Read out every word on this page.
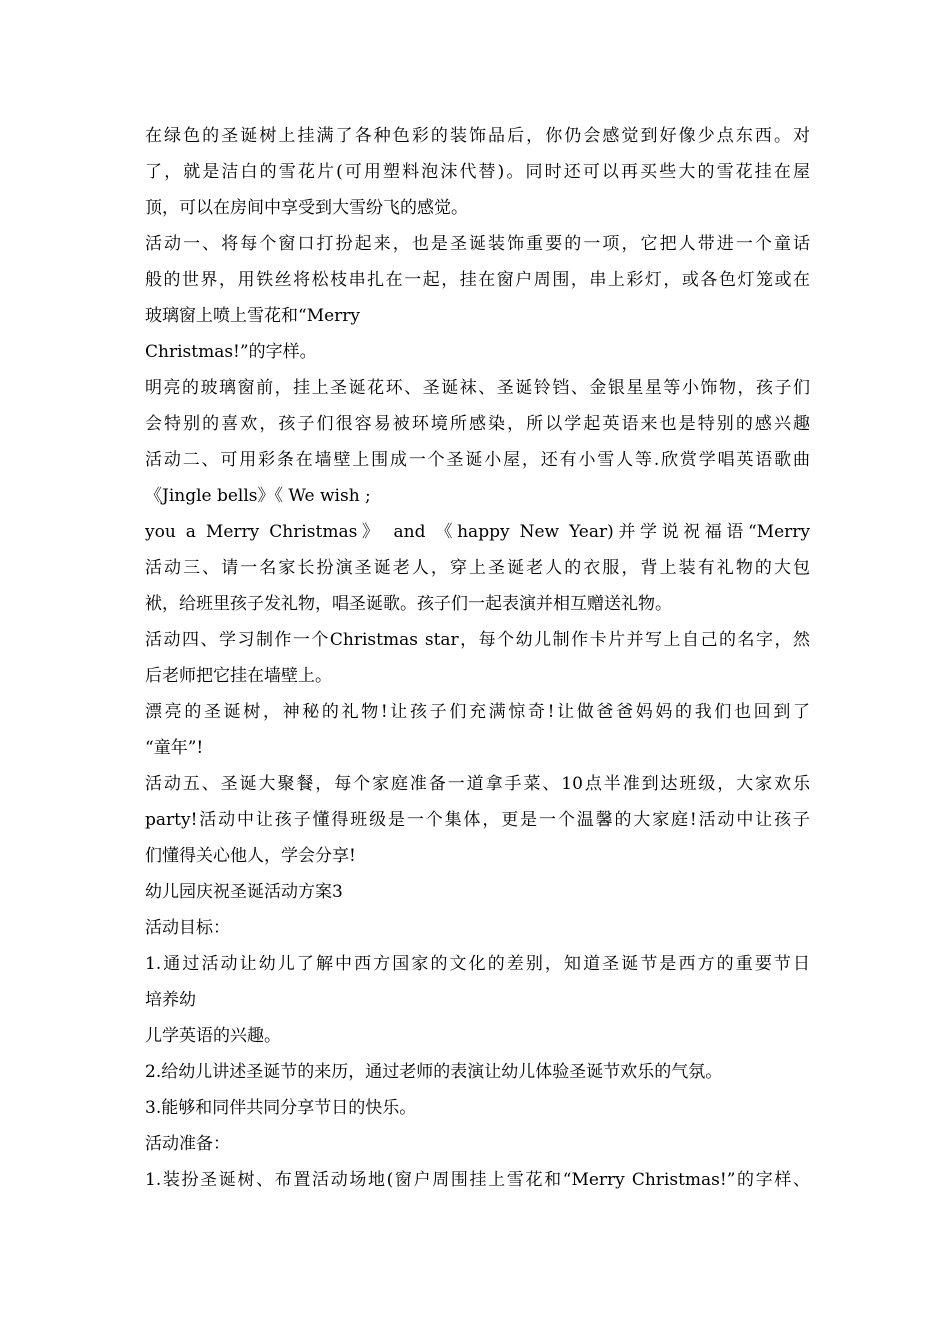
在绿色的圣诞树上挂满了各种色彩的装饰品后，你仍会感觉到好像少点东西。对
了，就是洁白的雪花片(可用塑料泡沫代替)。同时还可以再买些大的雪花挂在屋
顶，可以在房间中享受到大雪纷飞的感觉。
活动一、将每个窗口打扮起来，也是圣诞装饰重要的一项，它把人带进一个童话
般的世界，用铁丝将松枝串扎在一起，挂在窗户周围，串上彩灯，或各色灯笼或在
玻璃窗上喷上雪花和“Merry
Christmas!”的字样。
明亮的玻璃窗前，挂上圣诞花环、圣诞袜、圣诞铃铛、金银星星等小饰物，孩子们
会特别的喜欢，孩子们很容易被环境所感染，所以学起英语来也是特别的感兴趣
活动二、可用彩条在墙壁上围成一个圣诞小屋，还有小雪人等.欣赏学唱英语歌曲
《Jingle bells》《 We wish ;
you a Merry Christmas》 and 《happy New Year)并学说祝福语“Merry
活动三、请一名家长扮演圣诞老人，穿上圣诞老人的衣服，背上装有礼物的大包
袱，给班里孩子发礼物，唱圣诞歌。孩子们一起表演并相互赠送礼物。
活动四、学习制作一个Christmas star，每个幼儿制作卡片并写上自己的名字，然
后老师把它挂在墙壁上。
漂亮的圣诞树，神秘的礼物!让孩子们充满惊奇!让做爸爸妈妈的我们也回到了
“童年”!
活动五、圣诞大聚餐，每个家庭准备一道拿手菜、10点半准到达班级，大家欢乐
party!活动中让孩子懂得班级是一个集体，更是一个温馨的大家庭!活动中让孩子
们懂得关心他人，学会分享!
幼儿园庆祝圣诞活动方案3
活动目标：
1.通过活动让幼儿了解中西方国家的文化的差别，知道圣诞节是西方的重要节日
培养幼
儿学英语的兴趣。
2.给幼儿讲述圣诞节的来历，通过老师的表演让幼儿体验圣诞节欢乐的气氛。
3.能够和同伴共同分享节日的快乐。
活动准备：
1.装扮圣诞树、布置活动场地(窗户周围挂上雪花和“Merry Christmas!”的字样、
